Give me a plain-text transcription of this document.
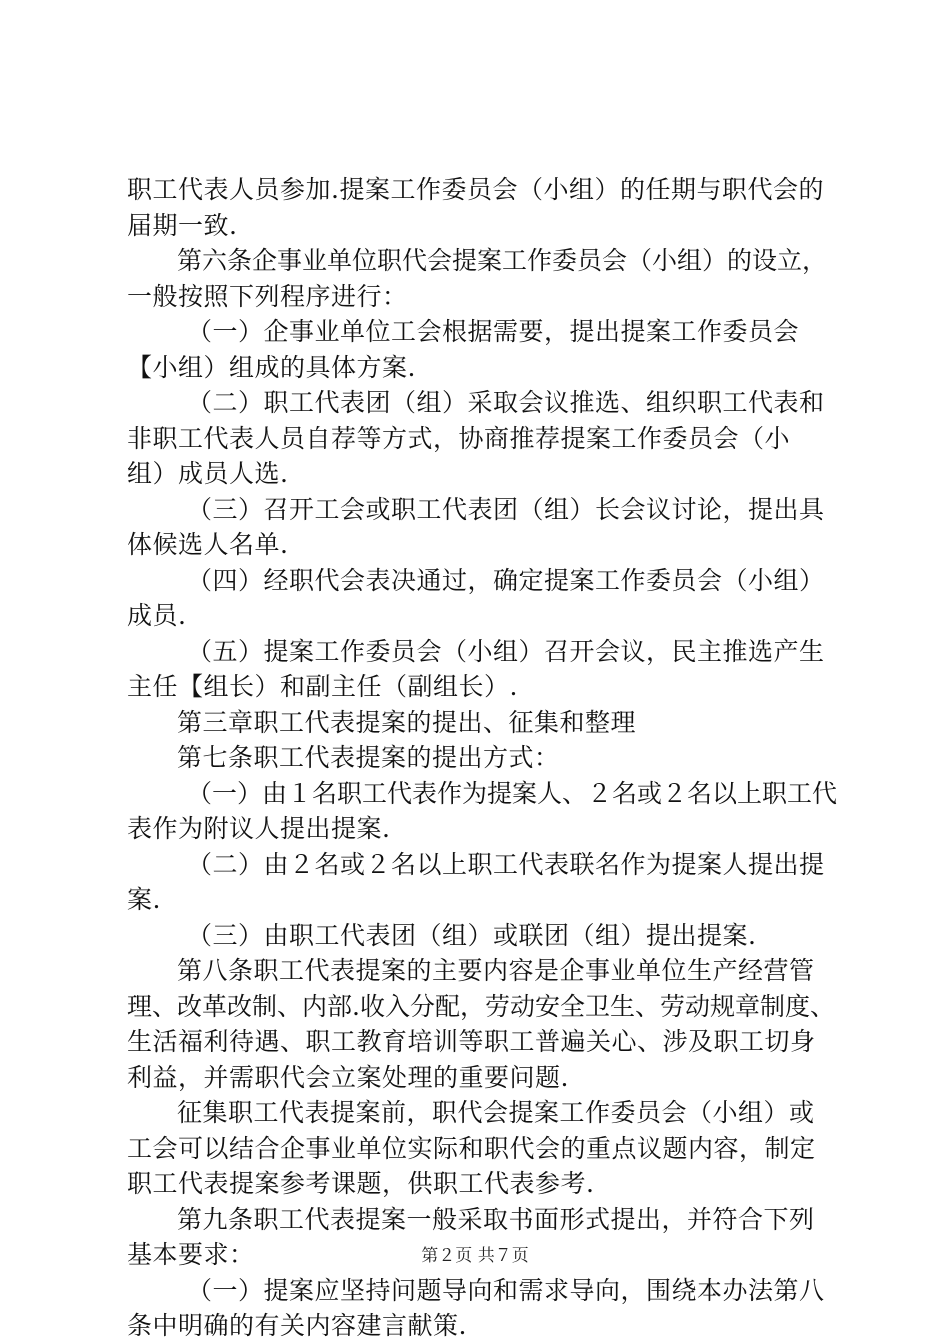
职工代表人员参加.提案工作委员会（小组）的任期与职代会的
届期一致.
第六条企事业单位职代会提案工作委员会（小组）的设立，
一般按照下列程序进行：
（一）企事业单位工会根据需要，提出提案工作委员会
【小组）组成的具体方案.
（二）职工代表团（组）采取会议推选、组织职工代表和
非职工代表人员自荐等方式，协商推荐提案工作委员会（小
组）成员人选.
（三）召开工会或职工代表团（组）长会议讨论，提出具
体候选人名单.
（四）经职代会表决通过，确定提案工作委员会（小组）
成员.
（五）提案工作委员会（小组）召开会议，民主推选产生
主任【组长）和副主任（副组长）.
第三章职工代表提案的提出、征集和整理
第七条职工代表提案的提出方式：
（一）由１名职工代表作为提案人、２名或２名以上职工代
表作为附议人提出提案.
（二）由２名或２名以上职工代表联名作为提案人提出提
案.
（三）由职工代表团（组）或联团（组）提出提案.
第八条职工代表提案的主要内容是企事业单位生产经营管
理、改革改制、内部.收入分配，劳动安全卫生、劳动规章制度、
生活福利待遇、职工教育培训等职工普遍关心、涉及职工切身
利益，并需职代会立案处理的重要问题.
征集职工代表提案前，职代会提案工作委员会（小组）或
工会可以结合企事业单位实际和职代会的重点议题内容，制定
职工代表提案参考课题，供职工代表参考.
第九条职工代表提案一般采取书面形式提出，并符合下列
基本要求：
（一）提案应坚持问题导向和需求导向，围绕本办法第八
条中明确的有关内容建言献策.
第２页 共７页
